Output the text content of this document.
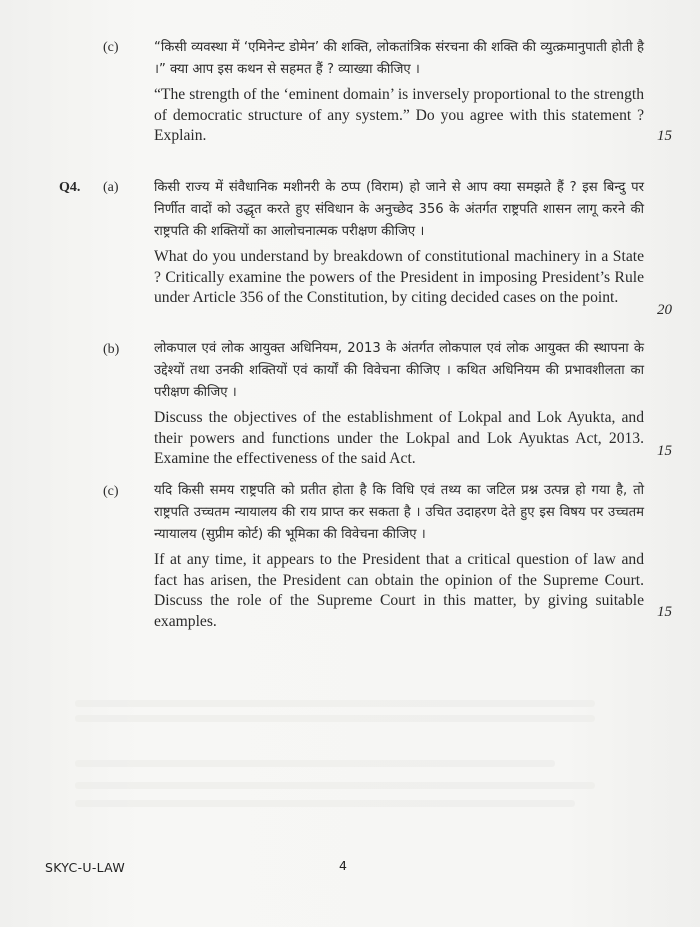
(c)	“किसी व्यवस्था में ‘एमिनेन्ट डोमेन’ की शक्ति, लोकतांत्रिक संरचना की शक्ति की व्युत्क्रमानुपाती होती है ।” क्या आप इस कथन से सहमत हैं ? व्याख्या कीजिए ।

“The strength of the ‘eminent domain’ is inversely proportional to the strength of democratic structure of any system.” Do you agree with this statement ? Explain.	15
Q4. (a)	किसी राज्य में संवैधानिक मशीनरी के ठप्प (विराम) हो जाने से आप क्या समझते हैं ? इस बिन्दु पर निर्णीत वादों को उद्धृत करते हुए संविधान के अनुच्छेद 356 के अंतर्गत राष्ट्रपति शासन लागू करने की राष्ट्रपति की शक्तियों का आलोचनात्मक परीक्षण कीजिए ।

What do you understand by breakdown of constitutional machinery in a State ? Critically examine the powers of the President in imposing President’s Rule under Article 356 of the Constitution, by citing decided cases on the point.

20
(b)	लोकपाल एवं लोक आयुक्त अधिनियम, 2013 के अंतर्गत लोकपाल एवं लोक आयुक्त की स्थापना के उद्देश्यों तथा उनकी शक्तियों एवं कार्यों की विवेचना कीजिए । कथित अधिनियम की प्रभावशीलता का परीक्षण कीजिए ।

Discuss the objectives of the establishment of Lokpal and Lok Ayukta, and their powers and functions under the Lokpal and Lok Ayuktas Act, 2013. Examine the effectiveness of the said Act.	15
(c)	यदि किसी समय राष्ट्रपति को प्रतीत होता है कि विधि एवं तथ्य का जटिल प्रश्न उत्पन्न हो गया है, तो राष्ट्रपति उच्चतम न्यायालय की राय प्राप्त कर सकता है । उचित उदाहरण देते हुए इस विषय पर उच्चतम न्यायालय (सुप्रीम कोर्ट) की भूमिका की विवेचना कीजिए ।

If at any time, it appears to the President that a critical question of law and fact has arisen, the President can obtain the opinion of the Supreme Court. Discuss the role of the Supreme Court in this matter, by giving suitable examples.

15
SKYC-U-LAW	4
